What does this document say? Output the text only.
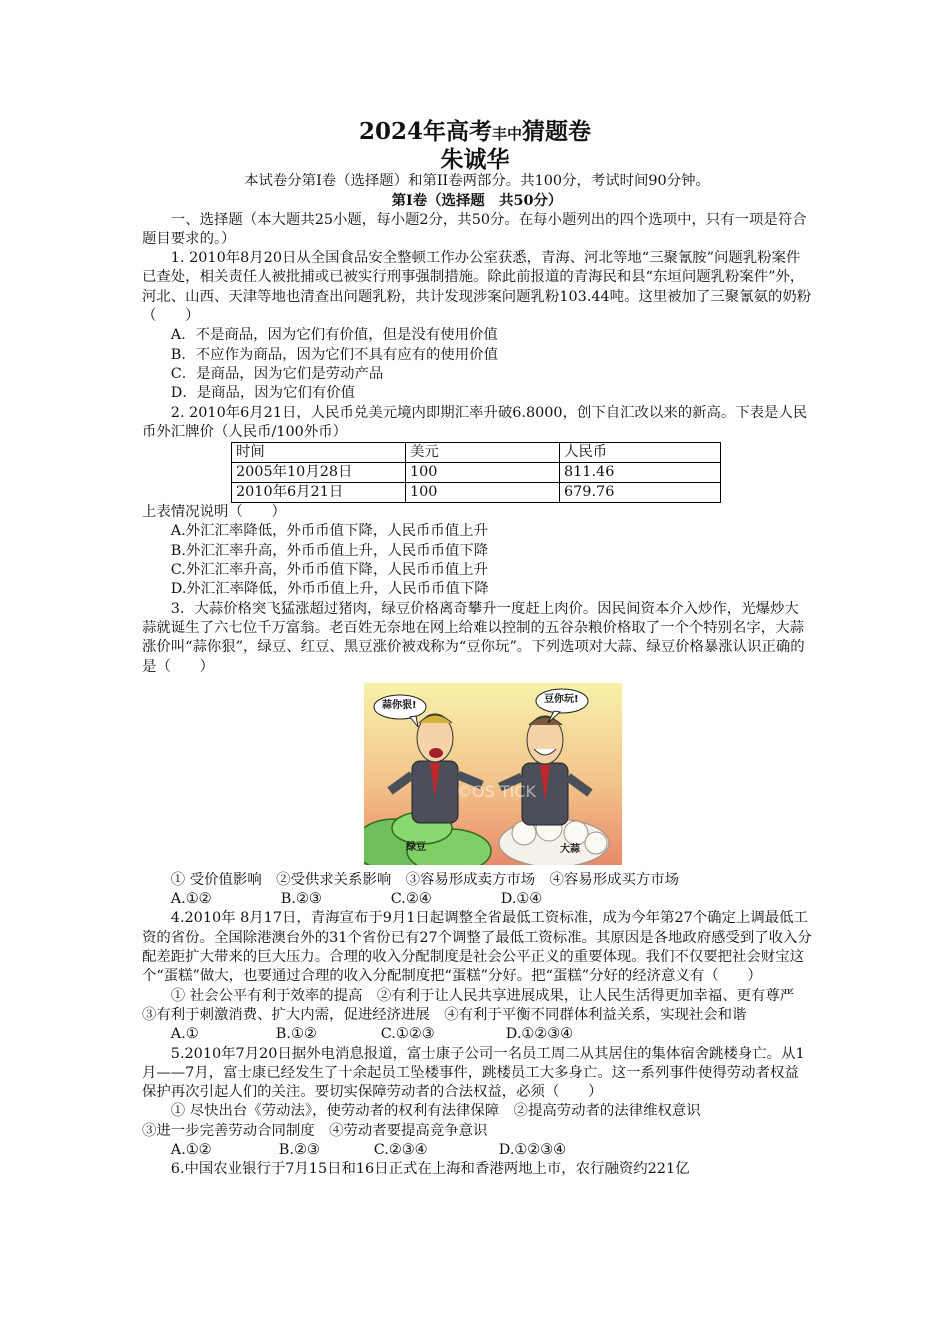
2024年高考丰中猜题卷
朱诚华

本试卷分第Ⅰ卷（选择题）和第II卷两部分。共100分，考试时间90分钟。

第Ⅰ卷（选择题　共50分）

一、选择题（本大题共25小题，每小题2分，共50分。在每小题列出的四个选项中，只有一项是符合题目要求的。）

1. 2010年8月20日从全国食品安全整顿工作办公室获悉，青海、河北等地“三聚氰胺”问题乳粉案件已查处，相关责任人被批捕或已被实行刑事强制措施。除此前报道的青海民和县“东垣问题乳粉案件”外，河北、山西、天津等地也清查出问题乳粉，共计发现涉案问题乳粉103.44吨。这里被加了三聚氰氨的奶粉（　　）

A．不是商品，因为它们有价值，但是没有使用价值

B．不应作为商品，因为它们不具有应有的使用价值

C．是商品，因为它们是劳动产品

D．是商品，因为它们有价值

2. 2010年6月21日，人民币兑美元境内即期汇率升破6.8000，创下自汇改以来的新高。下表是人民币外汇牌价（人民币/100外币）

时间	美元	人民币
2005年10月28日	100	811.46
2010年6月21日	100	679.76

上表情况说明（　　）

A.外汇汇率降低，外币币值下降，人民币币值上升

B.外汇汇率升高，外币币值上升，人民币币值下降

C.外汇汇率升高，外币币值下降，人民币币值上升

D.外汇汇率降低，外币币值上升，人民币币值下降

3．大蒜价格突飞猛涨超过猪肉，绿豆价格离奇攀升一度赶上肉价。因民间资本介入炒作，光爆炒大蒜就诞生了六七位千万富翁。老百姓无奈地在网上给难以控制的五谷杂粮价格取了一个个特别名字，大蒜涨价叫“蒜你狠”，绿豆、红豆、黑豆涨价被戏称为“豆你玩”。下列选项对大蒜、绿豆价格暴涨认识正确的是（　　）

蒜你狠!
豆你玩!
绿豆	大蒜
©OS TICK

① 受价值影响　②受供求关系影响　③容易形成卖方市场　④容易形成买方市场

A.①②	B.②③	C.②④	D.①④

4.2010年 8月17日，青海宣布于9月1日起调整全省最低工资标准，成为今年第27个确定上调最低工资的省份。全国除港澳台外的31个省份已有27个调整了最低工资标准。其原因是各地政府感受到了收入分配差距扩大带来的巨大压力。合理的收入分配制度是社会公平正义的重要体现。我们不仅要把社会财宝这个“蛋糕”做大，也要通过合理的收入分配制度把“蛋糕”分好。把“蛋糕”分好的经济意义有（　　）

① 社会公平有利于效率的提高　②有利于让人民共享进展成果，让人民生活得更加幸福、更有尊严　③有利于刺激消费、扩大内需，促进经济进展　④有利于平衡不同群体利益关系，实现社会和谐

A.①	B.①②	C.①②③	D.①②③④

5.2010年7月20日据外电消息报道，富士康子公司一名员工周二从其居住的集体宿舍跳楼身亡。从1月——7月，富士康已经发生了十余起员工坠楼事件，跳楼员工大多身亡。这一系列事件使得劳动者权益保护再次引起人们的关注。要切实保障劳动者的合法权益，必须（　　）

① 尽快出台《劳动法》，使劳动者的权利有法律保障　②提高劳动者的法律维权意识

③进一步完善劳动合同制度　④劳动者要提高竞争意识

A.①②	B.②③	C.②③④	D.①②③④

6.中国农业银行于7月15日和16日正式在上海和香港两地上市，农行融资约221亿
